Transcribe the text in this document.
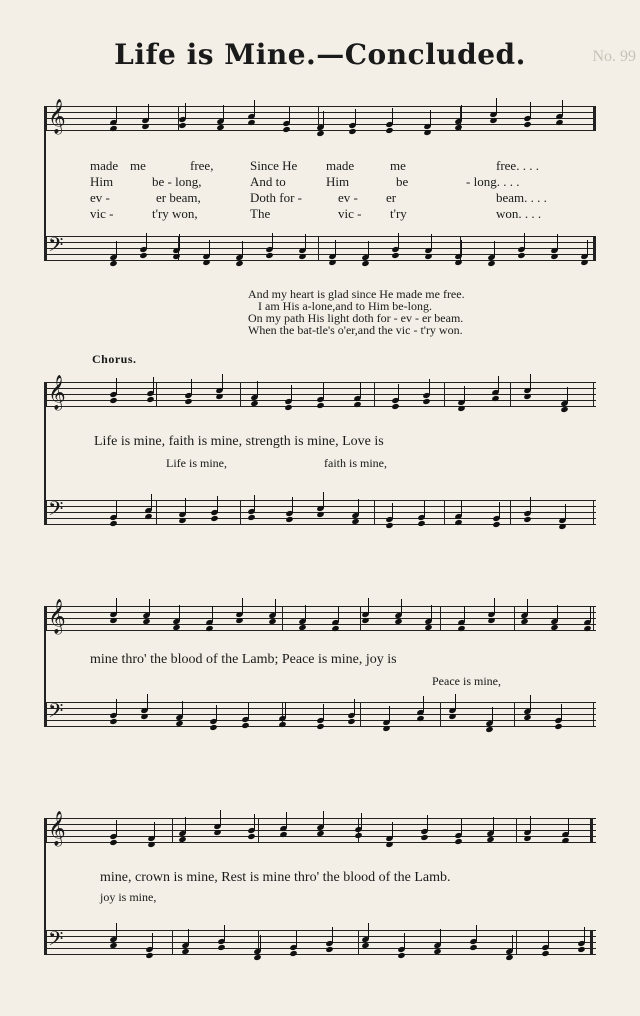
Life is Mine.—Concluded.	No. 99
𝄞
made me	free,	Since He made	me	free. . . .
Him	be - long,	And to	Him	be	- long. . . .
ev -	er beam,	Doth for -	ev - er	beam. . . .
vic -	t'ry won,	The	vic - t'ry	won. . . .
𝄢
And my heart is glad since He made me free.
I am His a-lone,and to Him be-long.
On my path His light doth for - ev - er beam.
When the bat-tle's o'er,and the vic - t'ry won.
Chorus.
𝄞
Life is mine, faith is mine, strength is mine, Love is
Life is mine,	faith is mine,
𝄢
𝄞
mine thro' the blood of the Lamb; Peace is mine, joy is
Peace is mine,
𝄢
𝄞
mine, crown is mine, Rest is mine thro' the blood of the Lamb.
joy is mine,
𝄢
